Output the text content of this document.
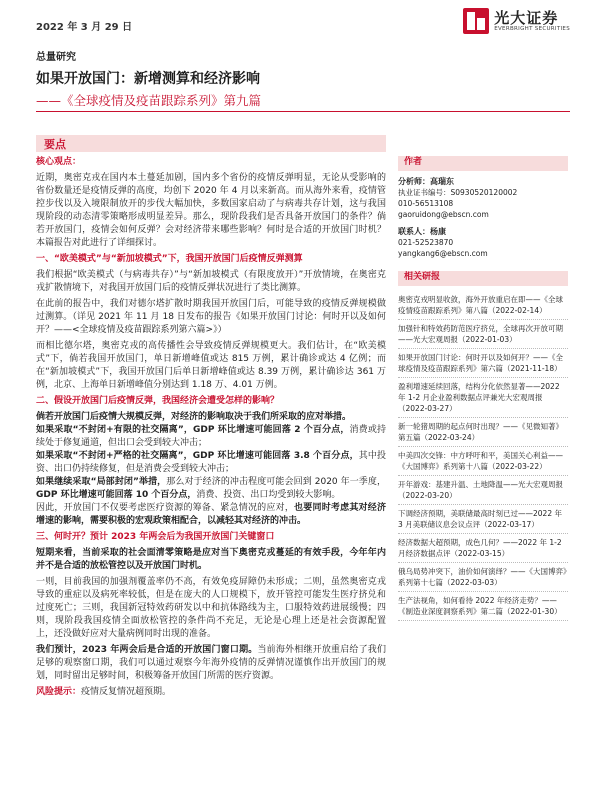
2022 年 3 月 29 日
光大证券
EVERBRIGHT SECURITIES
总量研究
如果开放国门：新增测算和经济影响
——《全球疫情及疫苗跟踪系列》第九篇
要点

核心观点：

近期，奥密克戎在国内本土蔓延加剧，国内多个省份的疫情反弹明显，无论从受影响的省份数量还是疫情反弹的高度，均创下 2020 年 4 月以来新高。而从海外来看，疫情管控步伐以及入境限制放开的步伐大幅加快，多数国家启动了与病毒共存计划，这与我国现阶段的动态清零策略形成明显差异。那么，现阶段我们是否具备开放国门的条件？倘若开放国门，疫情会如何反弹？会对经济带来哪些影响？何时是合适的开放国门时机？本篇报告对此进行了详细探讨。

一、“欧美模式”与“新加坡模式”下，我国开放国门后疫情反弹测算

我们根据“欧美模式（与病毒共存）”与“新加坡模式（有限度放开）”开放情境，在奥密克戎扩散情境下，对我国开放国门后的疫情反弹状况进行了类比测算。

在此前的报告中，我们对德尔塔扩散时期我国开放国门后，可能导致的疫情反弹规模做过测算。（详见 2021 年 11 月 18 日发布的报告《如果开放国门讨论：何时开以及如何开？——<全球疫情及疫苗跟踪系列第六篇>》）

而相比德尔塔，奥密克戎的高传播性会导致疫情反弹规模更大。我们估计，在“欧美模式”下，倘若我国开放国门，单日新增峰值或达 815 万例，累计确诊或达 4 亿例；而在“新加坡模式”下，我国开放国门后单日新增峰值或达 8.39 万例，累计确诊达 361 万例，北京、上海单日新增峰值分别达到 1.18 万、4.01 万例。

二、假设开放国门后疫情反弹，我国经济会遭受怎样的影响？

倘若开放国门后疫情大规模反弹，对经济的影响取决于我们所采取的应对举措。

如果采取“不封闭+有限的社交隔离”，GDP 环比增速可能回落 2 个百分点，消费或持续处于修复通道，但出口会受到较大冲击；

如果采取“不封闭+严格的社交隔离”，GDP 环比增速可能回落 3.8 个百分点，其中投资、出口仍持续修复，但是消费会受到较大冲击；

如果继续采取“局部封闭”举措，那么对于经济的冲击程度可能会回到 2020 年一季度，GDP 环比增速可能回落 10 个百分点，消费、投资、出口均受到较大影响。

因此，开放国门不仅要考虑医疗资源的筹备、紧急情况的应对，也要同时考虑其对经济增速的影响，需要积极的宏观政策相配合，以减轻其对经济的冲击。

三、何时开？预计 2023 年两会后为我国开放国门关键窗口

短期来看，当前采取的社会面清零策略是应对当下奥密克戎蔓延的有效手段，今年年内并不是合适的放松管控以及开放国门时机。

一则，目前我国的加强剂覆盖率仍不高，有效免疫屏障仍未形成；二则，虽然奥密克戎导致的重症以及病死率较低，但是在庞大的人口规模下，放开管控可能发生医疗挤兑和过度死亡；三则，我国新冠特效药研发以中和抗体路线为主，口服特效药进展缓慢；四则，现阶段我国疫情全面放松管控的条件尚不充足，无论是心理上还是社会资源配置上，还没做好应对大量病例同时出现的准备。

我们预计，2023 年两会后是合适的开放国门窗口期。当前海外相继开放重启给了我们足够的观察窗口期，我们可以通过观察今年海外疫情的反弹情况谨慎作出开放国门的规划，同时留出足够时间，积极筹备开放国门所需的医疗资源。

风险提示：疫情反复情况超预期。

作者
分析师：高瑞东
执业证书编号：S0930520120002
010-56513108
gaoruidong@ebscn.com
联系人：杨康
021-52523870
yangkang6@ebscn.com
相关研报
奥密克戎明显收敛，海外开放重启在即——《全球疫情疫苗跟踪系列》第八篇（2022-02-14）
加强针和特效药防范医疗挤兑，全球再次开放可期——光大宏观周报（2022-01-03）
如果开放国门讨论：何时开以及如何开？——《全球疫情及疫苗跟踪系列》第六篇（2021-11-18）
盈利增速延续回落，结构分化依然显著——2022 年 1-2 月企业盈利数据点评兼光大宏观周报（2022-03-27）
新一轮猪周期的起点何时出现？——《见微知著》第五篇（2022-03-24）
中美四次交锋：中方呼吁和平，美国关心利益——《大国博弈》系列第十八篇（2022-03-22）
开年游戏：基建升温、土地降温——光大宏观周报（2022-03-20）
下调经济预期，美联储最高时刻已过——2022 年 3 月美联储议息会议点评（2022-03-17）
经济数据大超预期，成色几何？——2022 年 1-2 月经济数据点评（2022-03-15）
俄乌局势冲突下，油价如何演绎？——《大国博弈》系列第十七篇（2022-03-03）
生产法视角，如何看待 2022 年经济走势？——《制造业深度洞察系列》第二篇（2022-01-30）
